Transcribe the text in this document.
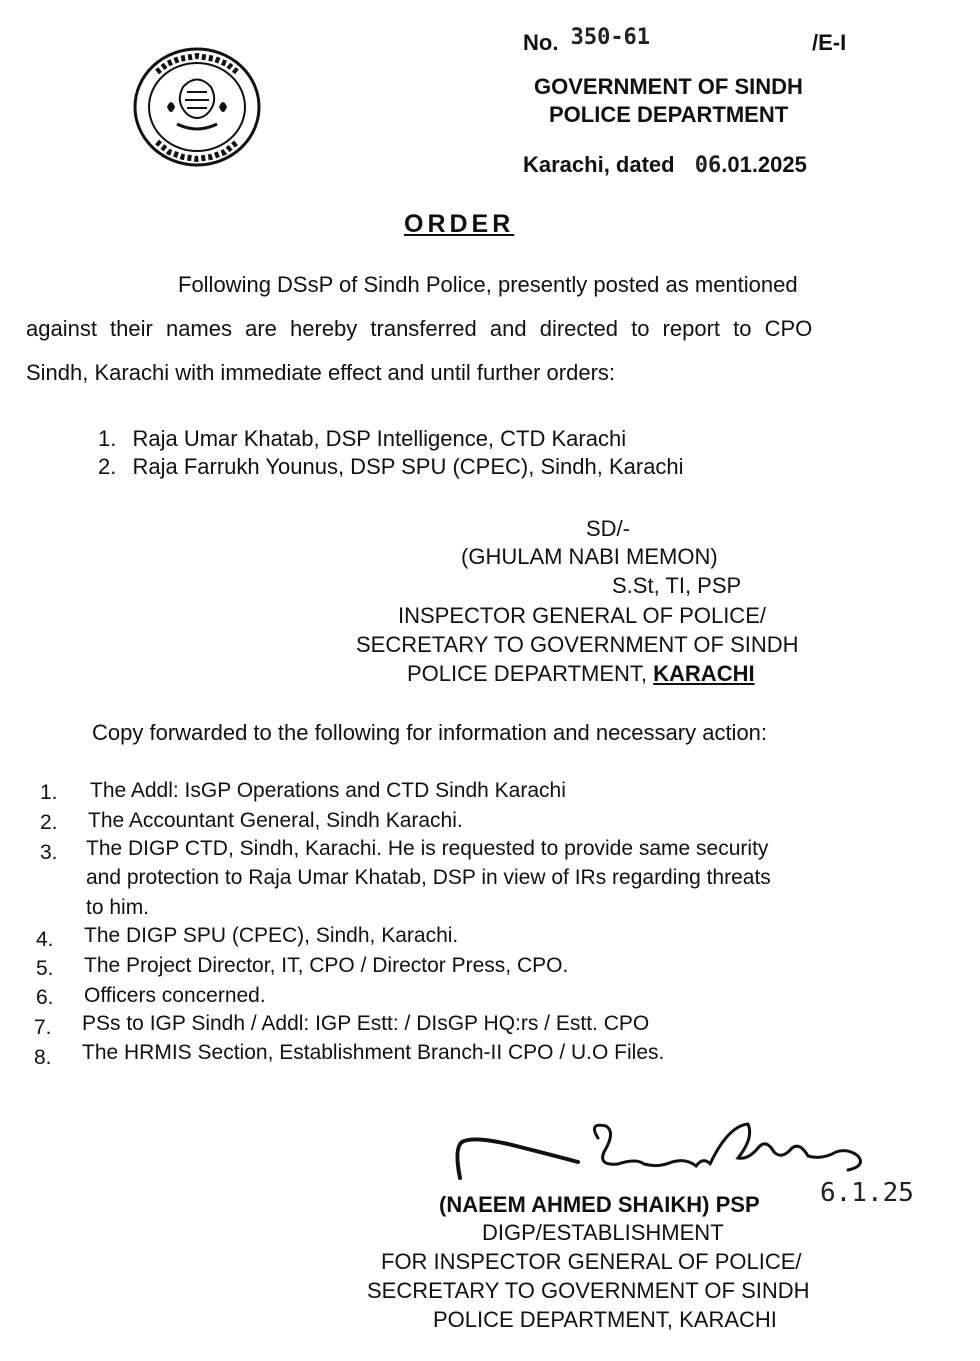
No. 350-61	/E-I
GOVERNMENT OF SINDH
POLICE DEPARTMENT
Karachi, dated 06.01.2025
ORDER
Following DSsP of Sindh Police, presently posted as mentioned
against their names are hereby transferred and directed to report to CPO
Sindh, Karachi with immediate effect and until further orders:
1. Raja Umar Khatab, DSP Intelligence, CTD Karachi
2. Raja Farrukh Younus, DSP SPU (CPEC), Sindh, Karachi
SD/-
(GHULAM NABI MEMON)
S.St, TI, PSP
INSPECTOR GENERAL OF POLICE/
SECRETARY TO GOVERNMENT OF SINDH
POLICE DEPARTMENT, KARACHI
Copy forwarded to the following for information and necessary action:
1. The Addl: IsGP Operations and CTD Sindh Karachi
2. The Accountant General, Sindh Karachi.
3. The DIGP CTD, Sindh, Karachi. He is requested to provide same security
and protection to Raja Umar Khatab, DSP in view of IRs regarding threats
to him.
4. The DIGP SPU (CPEC), Sindh, Karachi.
5. The Project Director, IT, CPO / Director Press, CPO.
6. Officers concerned.
7. PSs to IGP Sindh / Addl: IGP Estt: / DIsGP HQ:rs / Estt. CPO
8. The HRMIS Section, Establishment Branch-II CPO / U.O Files.
(NAEEM AHMED SHAIKH) PSP 6.1.25
DIGP/ESTABLISHMENT
FOR INSPECTOR GENERAL OF POLICE/
SECRETARY TO GOVERNMENT OF SINDH
POLICE DEPARTMENT, KARACHI
